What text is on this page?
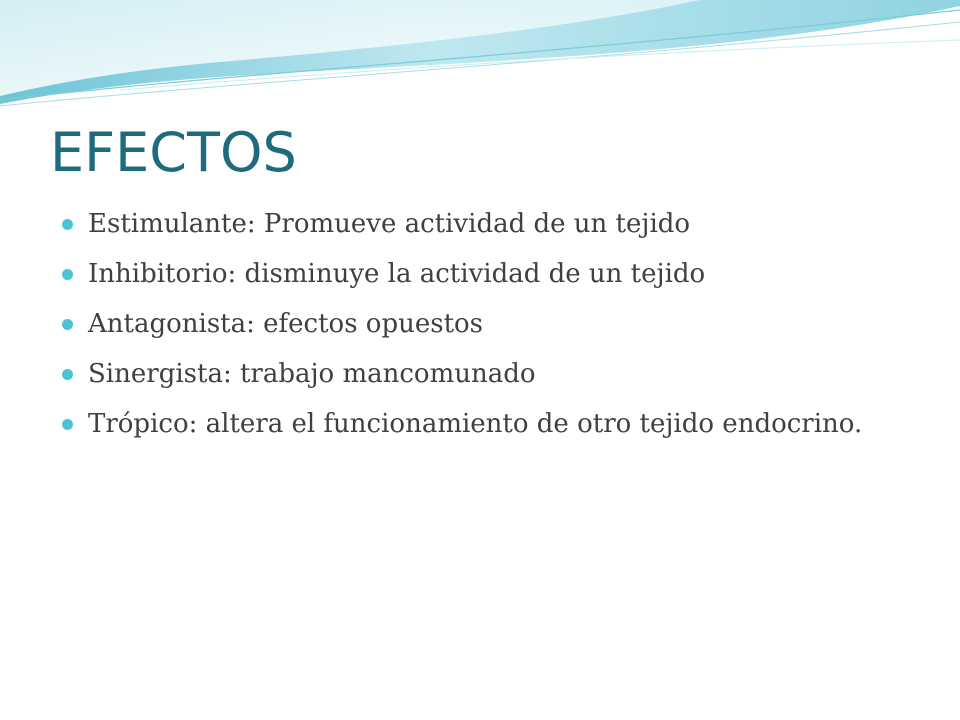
EFECTOS
Estimulante: Promueve actividad de un tejido
Inhibitorio: disminuye la actividad de un tejido
Antagonista: efectos opuestos
Sinergista: trabajo mancomunado
Trópico: altera el funcionamiento de otro tejido endocrino.
